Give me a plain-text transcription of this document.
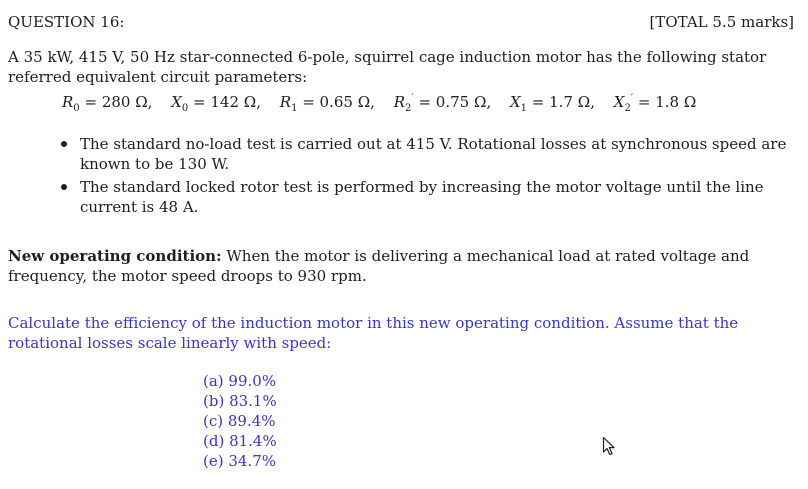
QUESTION 16:	[TOTAL 5.5 marks]
A 35 kW, 415 V, 50 Hz star-connected 6-pole, squirrel cage induction motor has the following stator referred equivalent circuit parameters:
$R_0 = 280$ Ω, $X_0 = 142$ Ω, $R_1 = 0.65$ Ω, $R_2' = 0.75$ Ω, $X_1 = 1.7$ Ω, $X_2' = 1.8$ Ω
The standard no-load test is carried out at 415 V. Rotational losses at synchronous speed are known to be 130 W.
The standard locked rotor test is performed by increasing the motor voltage until the line current is 48 A.
New operating condition: When the motor is delivering a mechanical load at rated voltage and frequency, the motor speed droops to 930 rpm.
Calculate the efficiency of the induction motor in this new operating condition. Assume that the rotational losses scale linearly with speed:
(a) 99.0%
(b) 83.1%
(c) 89.4%
(d) 81.4%
(e) 34.7%
